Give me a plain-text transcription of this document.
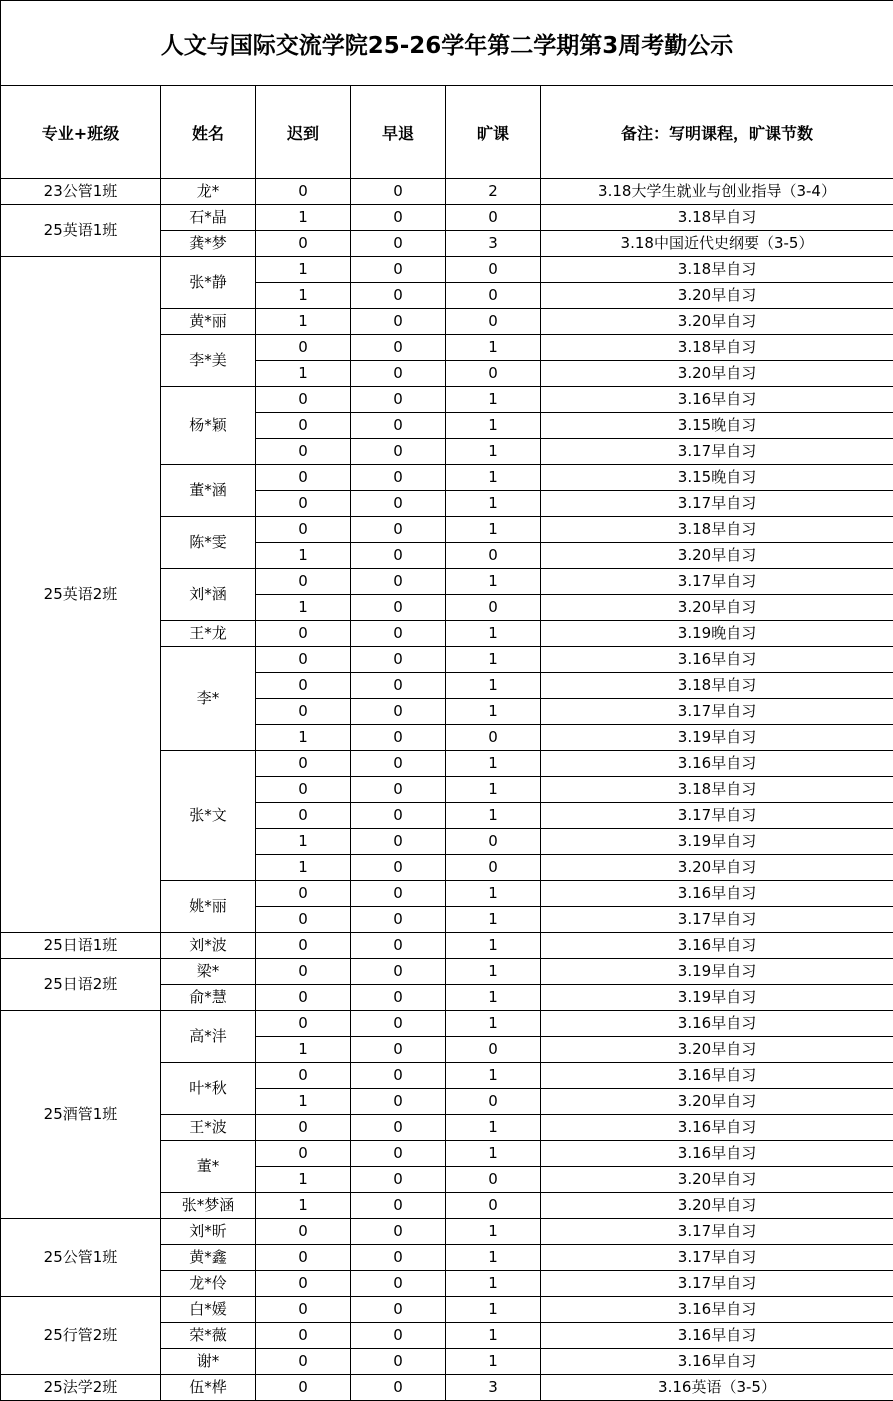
人文与国际交流学院25-26学年第二学期第3周考勤公示					
专业+班级	姓名	迟到	早退	旷课	备注：写明课程，旷课节数
23公管1班	龙*	0	0	2	3.18大学生就业与创业指导（3-4）
25英语1班	石*晶	1	0	0	3.18早自习
	龚*梦	0	0	3	3.18中国近代史纲要（3-5）
25英语2班	张*静	1	0	0	3.18早自习
		1	0	0	3.20早自习
	黄*丽	1	0	0	3.20早自习
	李*美	0	0	1	3.18早自习
		1	0	0	3.20早自习
	杨*颖	0	0	1	3.16早自习
		0	0	1	3.15晚自习
		0	0	1	3.17早自习
	董*涵	0	0	1	3.15晚自习
		0	0	1	3.17早自习
	陈*雯	0	0	1	3.18早自习
		1	0	0	3.20早自习
	刘*涵	0	0	1	3.17早自习
		1	0	0	3.20早自习
	王*龙	0	0	1	3.19晚自习
	李*	0	0	1	3.16早自习
		0	0	1	3.18早自习
		0	0	1	3.17早自习
		1	0	0	3.19早自习
	张*文	0	0	1	3.16早自习
		0	0	1	3.18早自习
		0	0	1	3.17早自习
		1	0	0	3.19早自习
		1	0	0	3.20早自习
	姚*丽	0	0	1	3.16早自习
		0	0	1	3.17早自习
25日语1班	刘*波	0	0	1	3.16早自习
25日语2班	梁*	0	0	1	3.19早自习
	俞*慧	0	0	1	3.19早自习
25酒管1班	高*沣	0	0	1	3.16早自习
		1	0	0	3.20早自习
	叶*秋	0	0	1	3.16早自习
		1	0	0	3.20早自习
	王*波	0	0	1	3.16早自习
	董*	0	0	1	3.16早自习
		1	0	0	3.20早自习
	张*梦涵	1	0	0	3.20早自习
25公管1班	刘*昕	0	0	1	3.17早自习
	黄*鑫	0	0	1	3.17早自习
	龙*伶	0	0	1	3.17早自习
25行管2班	白*媛	0	0	1	3.16早自习
	荣*薇	0	0	1	3.16早自习
	谢*	0	0	1	3.16早自习
25法学2班	伍*桦	0	0	3	3.16英语（3-5）
